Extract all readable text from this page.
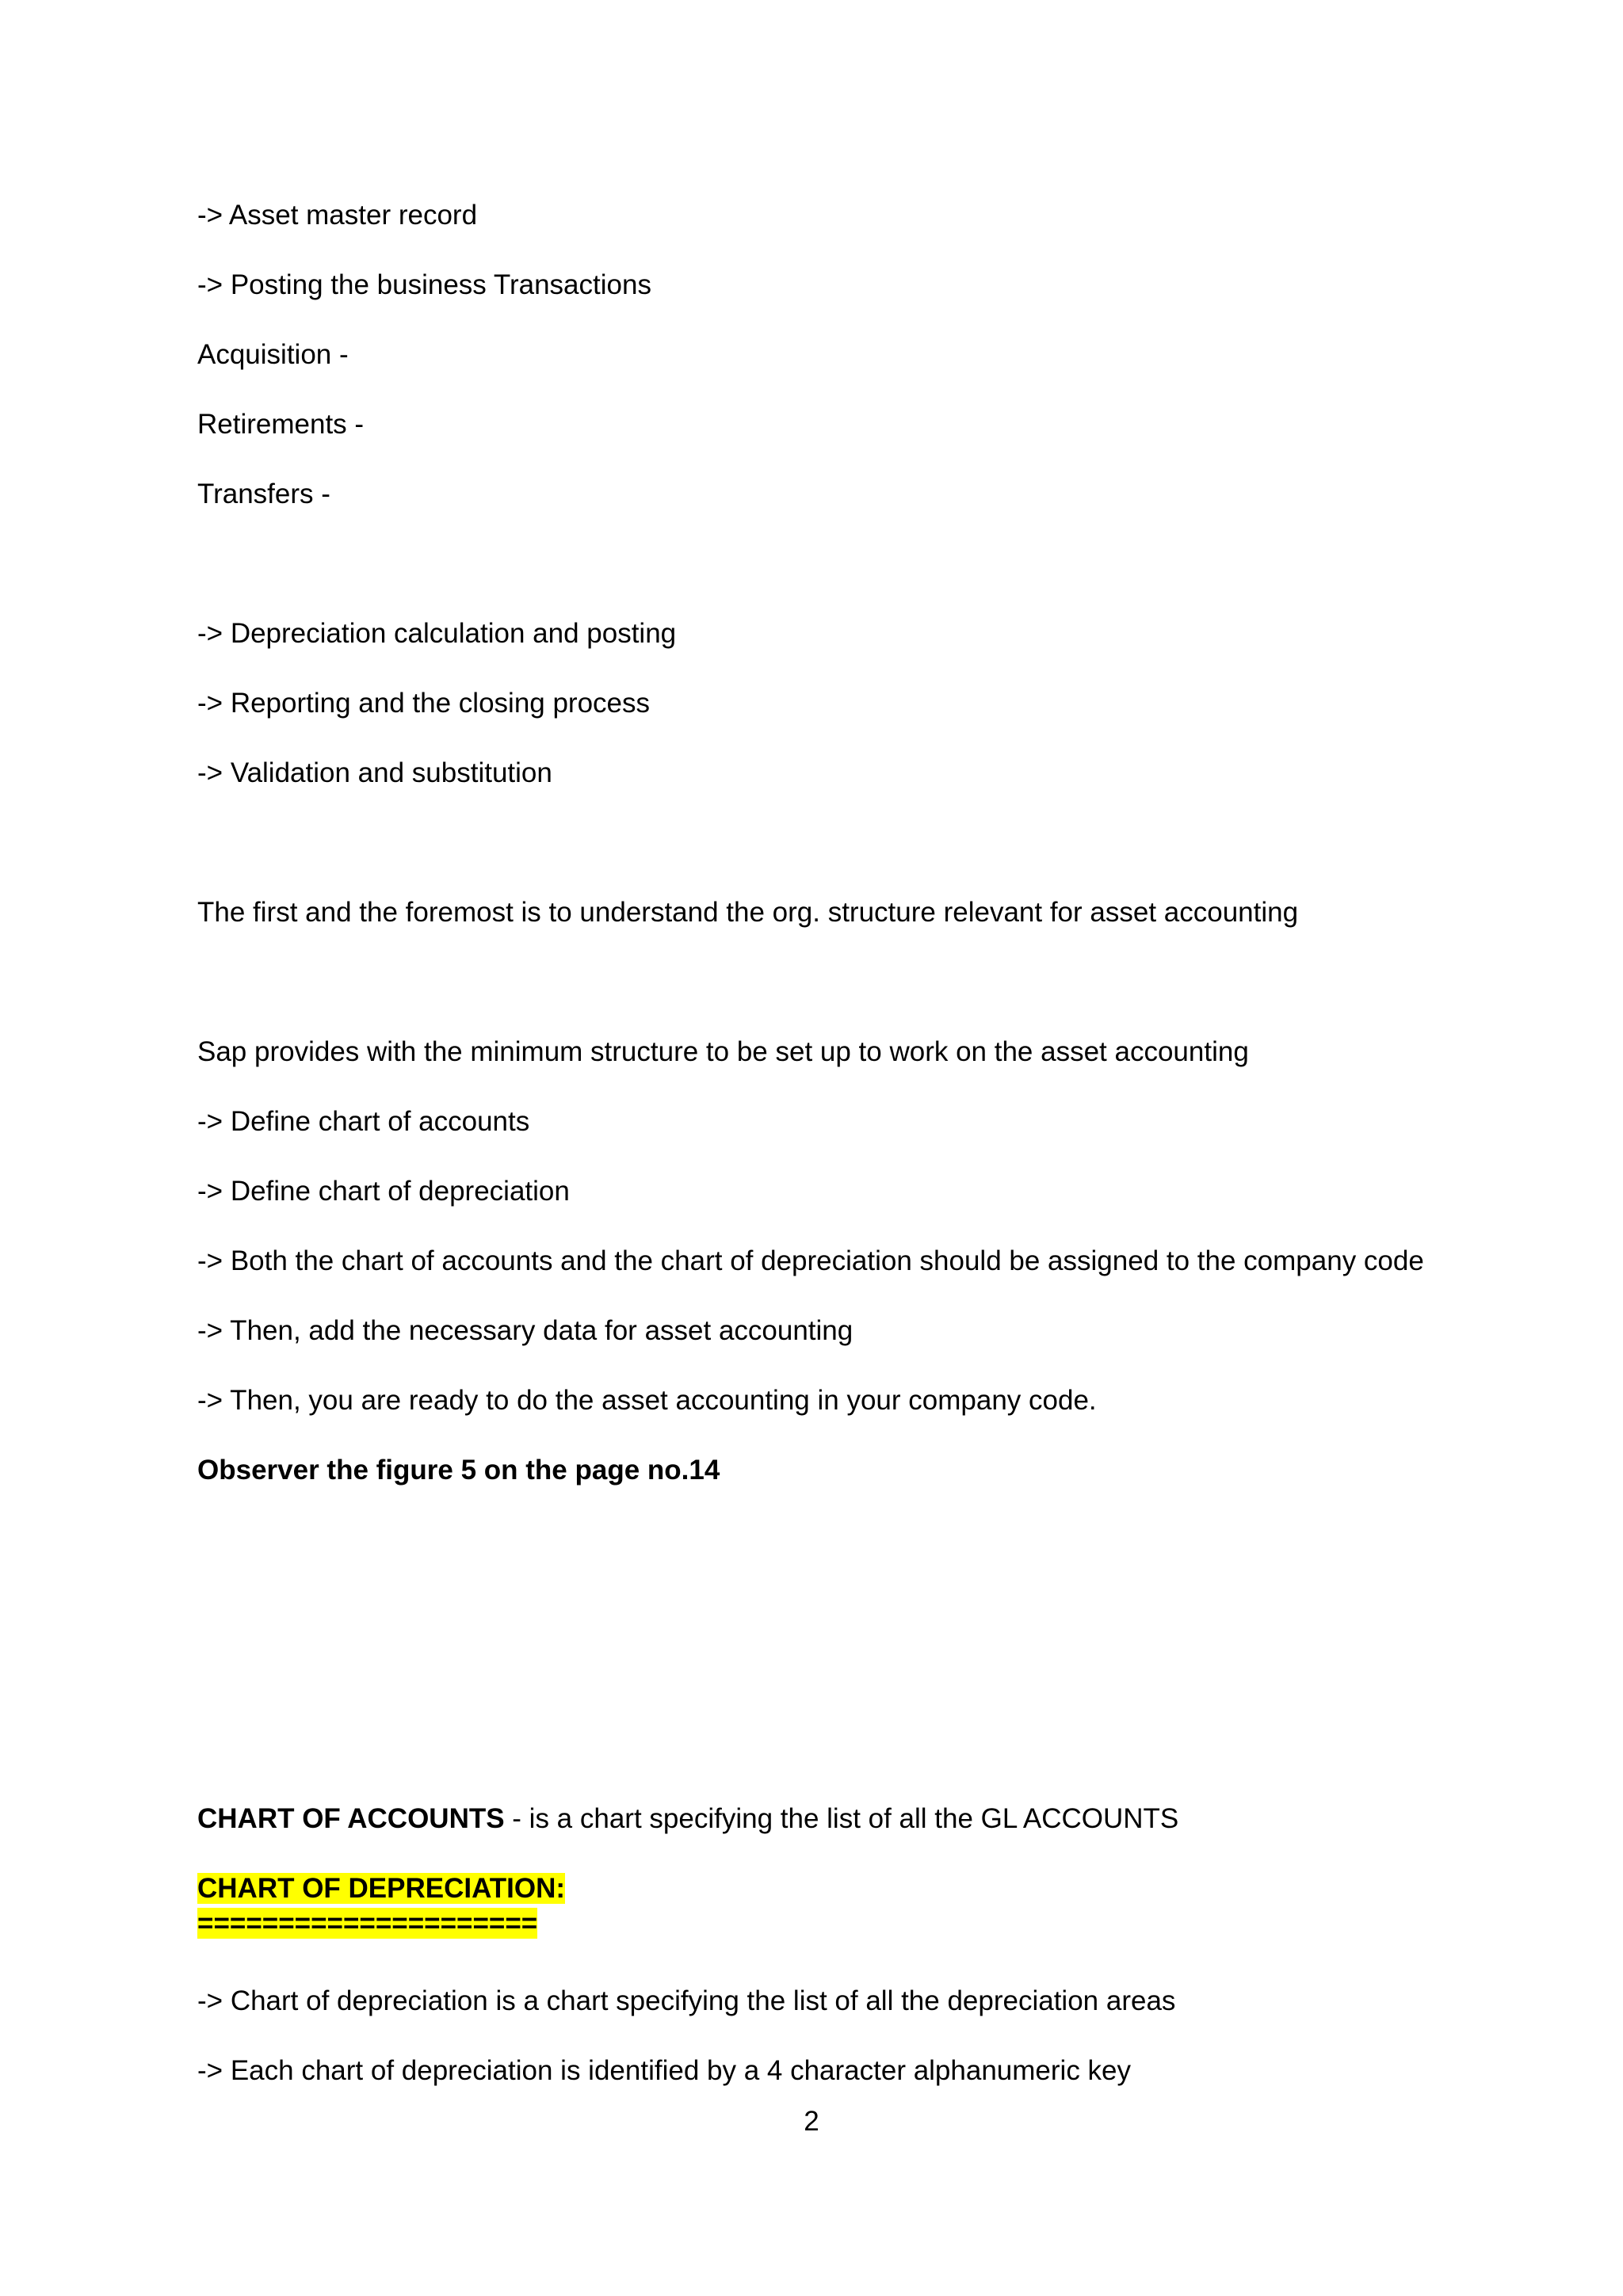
-> Asset master record
-> Posting the business Transactions
Acquisition -
Retirements -
Transfers -
-> Depreciation calculation and posting
-> Reporting and the closing process
-> Validation and substitution
The first and the foremost is to understand the org. structure relevant for asset accounting
Sap provides with the minimum structure to be set up to work on the asset accounting
-> Define chart of accounts
-> Define chart of depreciation
-> Both the chart of accounts and the chart of depreciation should be assigned to the company code
-> Then, add the necessary data for asset accounting
-> Then, you are ready to do the asset accounting in your company code.
Observer the figure 5 on the page no.14
CHART OF ACCOUNTS - is a chart specifying the list of all the GL ACCOUNTS
CHART OF DEPRECIATION:
=====================
-> Chart of depreciation is a chart specifying the list of all the depreciation areas
-> Each chart of depreciation is identified by a 4 character alphanumeric key
2
